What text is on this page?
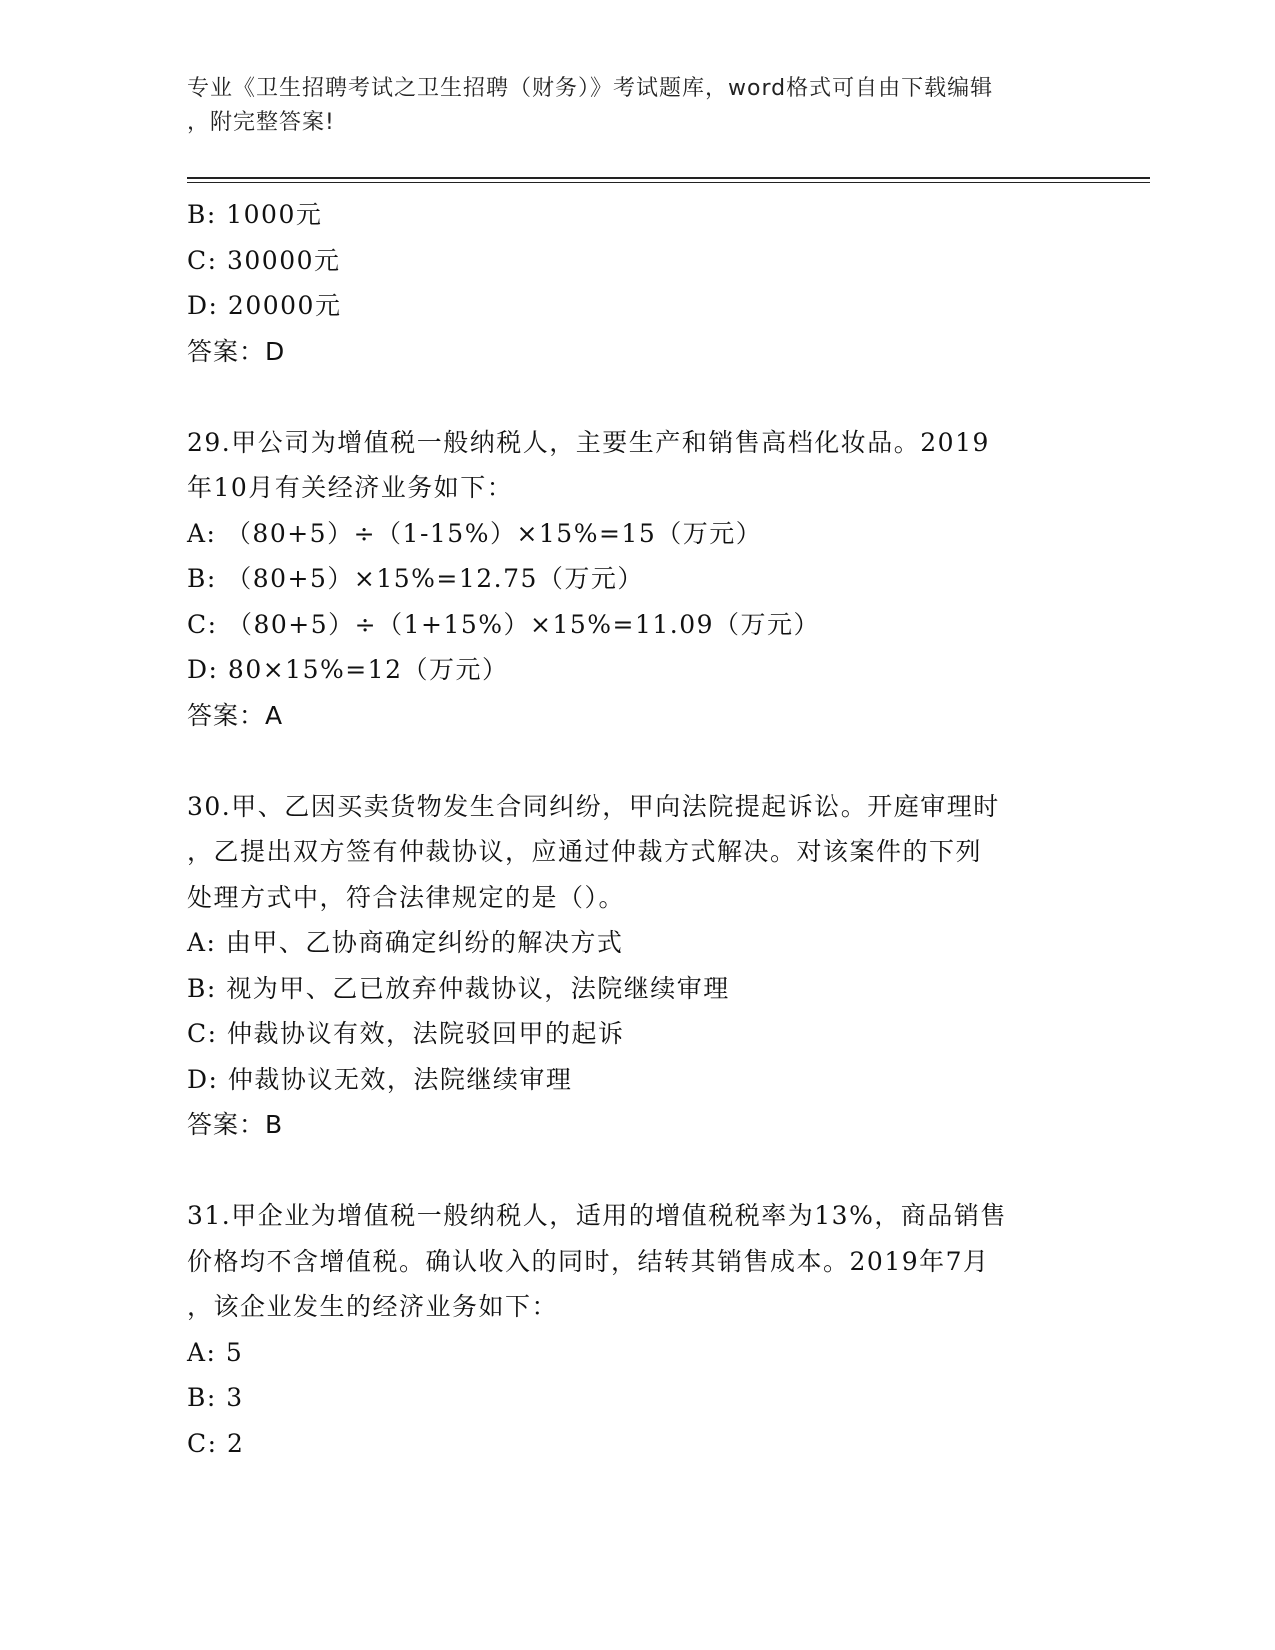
专业《卫生招聘考试之卫生招聘（财务）》考试题库，word格式可自由下载编辑
，附完整答案!
B: 1000元
C: 30000元
D: 20000元
答案：D
29.甲公司为增值税一般纳税人，主要生产和销售高档化妆品。2019
年10月有关经济业务如下：
A: （80+5）÷（1-15%）×15%=15（万元）
B: （80+5）×15%=12.75（万元）
C: （80+5）÷（1+15%）×15%=11.09（万元）
D: 80×15%=12（万元）
答案：A
30.甲、乙因买卖货物发生合同纠纷，甲向法院提起诉讼。开庭审理时
，乙提出双方签有仲裁协议，应通过仲裁方式解决。对该案件的下列
处理方式中，符合法律规定的是（）。
A: 由甲、乙协商确定纠纷的解决方式
B: 视为甲、乙已放弃仲裁协议，法院继续审理
C: 仲裁协议有效，法院驳回甲的起诉
D: 仲裁协议无效，法院继续审理
答案：B
31.甲企业为增值税一般纳税人，适用的增值税税率为13%，商品销售
价格均不含增值税。确认收入的同时，结转其销售成本。2019年7月
，该企业发生的经济业务如下：
A: 5
B: 3
C: 2
